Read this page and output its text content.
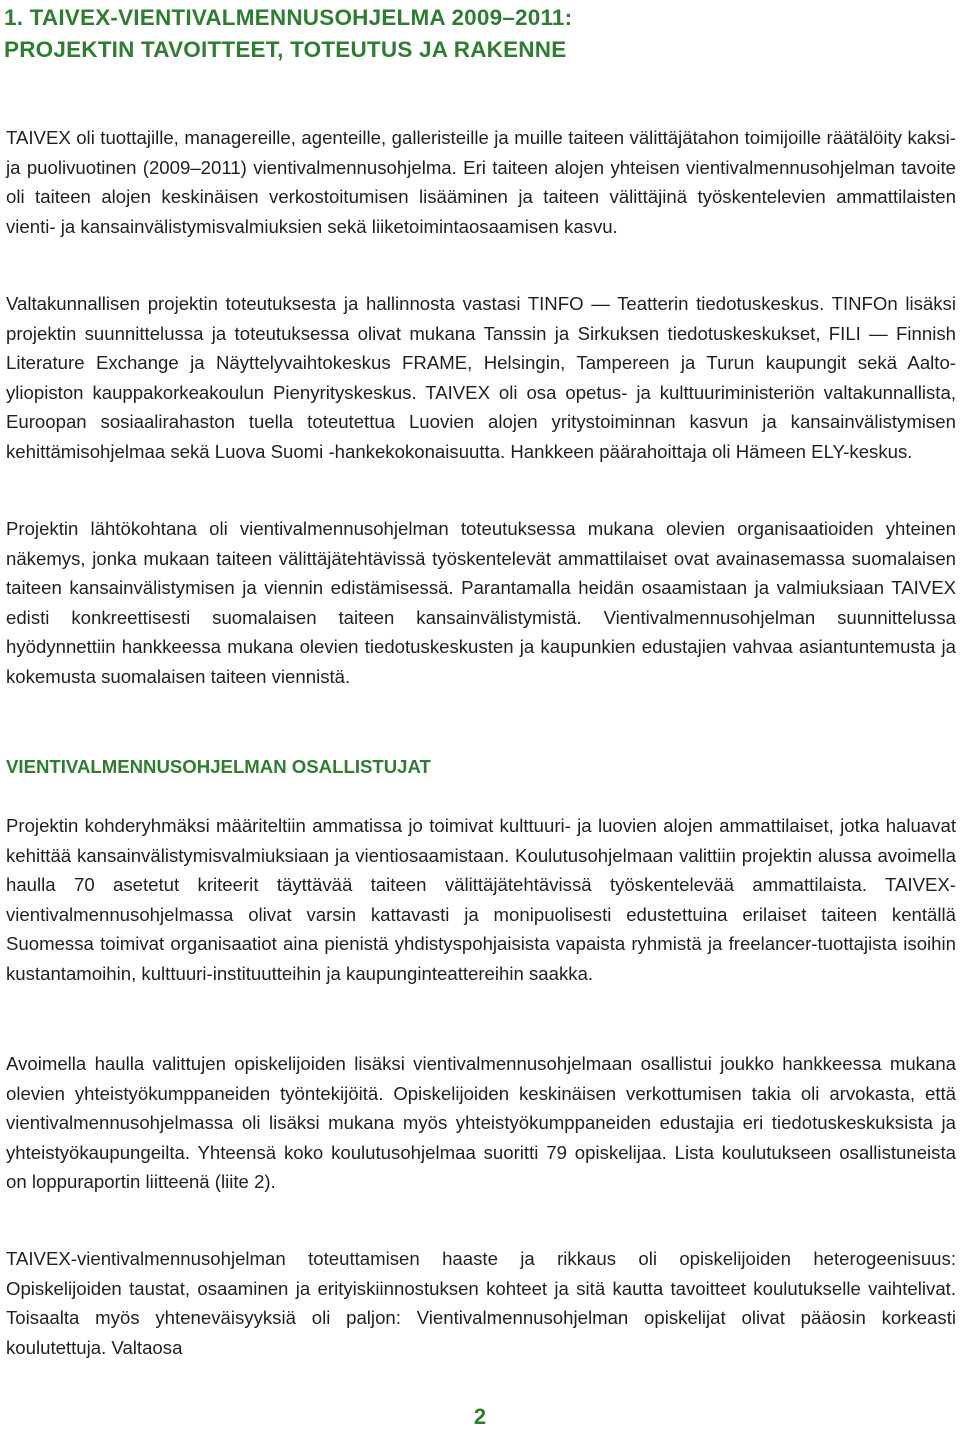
1. TAIVEX-VIENTIVALMENNUSOHJELMA 2009–2011:
PROJEKTIN TAVOITTEET, TOTEUTUS JA RAKENNE

TAIVEX oli tuottajille, managereille, agenteille, galleristeille ja muille taiteen välittäjätahon toimijoille räätälöity kaksi- ja puolivuotinen (2009–2011) vientivalmennusohjelma. Eri taiteen alojen yhteisen vientivalmennusohjelman tavoite oli taiteen alojen keskinäisen verkostoitumisen lisääminen ja taiteen välittäjinä työskentelevien ammattilaisten vienti- ja kansainvälistymisvalmiuksien sekä liiketoimintaosaamisen kasvu.

Valtakunnallisen projektin toteutuksesta ja hallinnosta vastasi TINFO — Teatterin tiedotuskeskus. TINFOn lisäksi projektin suunnittelussa ja toteutuksessa olivat mukana Tanssin ja Sirkuksen tiedotuskeskukset, FILI — Finnish Literature Exchange ja Näyttelyvaihtokeskus FRAME, Helsingin, Tampereen ja Turun kaupungit sekä Aalto-yliopiston kauppakorkeakoulun Pienyrityskeskus. TAIVEX oli osa opetus- ja kulttuuriministeriön valtakunnallista, Euroopan sosiaalirahaston tuella toteutettua Luovien alojen yritystoiminnan kasvun ja kansainvälistymisen kehittämisohjelmaa sekä Luova Suomi -hankekokonaisuutta. Hankkeen päärahoittaja oli Hämeen ELY-keskus.

Projektin lähtökohtana oli vientivalmennusohjelman toteutuksessa mukana olevien organisaatioiden yhteinen näkemys, jonka mukaan taiteen välittäjätehtävissä työskentelevät ammattilaiset ovat avainasemassa suomalaisen taiteen kansainvälistymisen ja viennin edistämisessä. Parantamalla heidän osaamistaan ja valmiuksiaan TAIVEX edisti konkreettisesti suomalaisen taiteen kansainvälistymistä. Vientivalmennusohjelman suunnittelussa hyödynnettiin hankkeessa mukana olevien tiedotuskeskusten ja kaupunkien edustajien vahvaa asiantuntemusta ja kokemusta suomalaisen taiteen viennistä.

VIENTIVALMENNUSOHJELMAN OSALLISTUJAT

Projektin kohderyhmäksi määriteltiin ammatissa jo toimivat kulttuuri- ja luovien alojen ammattilaiset, jotka haluavat kehittää kansainvälistymisvalmiuksiaan ja vientiosaamistaan. Koulutusohjelmaan valittiin projektin alussa avoimella haulla 70 asetetut kriteerit täyttävää taiteen välittäjätehtävissä työskentelevää ammattilaista. TAIVEX-vientivalmennusohjelmassa olivat varsin kattavasti ja monipuolisesti edustettuina erilaiset taiteen kentällä Suomessa toimivat organisaatiot aina pienistä yhdistyspohjaisista vapaista ryhmistä ja freelancer-tuottajista isoihin kustantamoihin, kulttuuri-instituutteihin ja kaupunginteattereihin saakka.

Avoimella haulla valittujen opiskelijoiden lisäksi vientivalmennusohjelmaan osallistui joukko hankkeessa mukana olevien yhteistyökumppaneiden työntekijöitä. Opiskelijoiden keskinäisen verkottumisen takia oli arvokasta, että vientivalmennusohjelmassa oli lisäksi mukana myös yhteistyökumppaneiden edustajia eri tiedotuskeskuksista ja yhteistyökaupungeilta. Yhteensä koko koulutusohjelmaa suoritti 79 opiskelijaa. Lista koulutukseen osallistuneista on loppuraportin liitteenä (liite 2).

TAIVEX-vientivalmennusohjelman toteuttamisen haaste ja rikkaus oli opiskelijoiden heterogeenisuus: Opiskelijoiden taustat, osaaminen ja erityiskiinnostuksen kohteet ja sitä kautta tavoitteet koulutukselle vaihtelivat. Toisaalta myös yhteneväisyyksiä oli paljon: Vientivalmennusohjelman opiskelijat olivat pääosin korkeasti koulutettuja. Valtaosa

2
